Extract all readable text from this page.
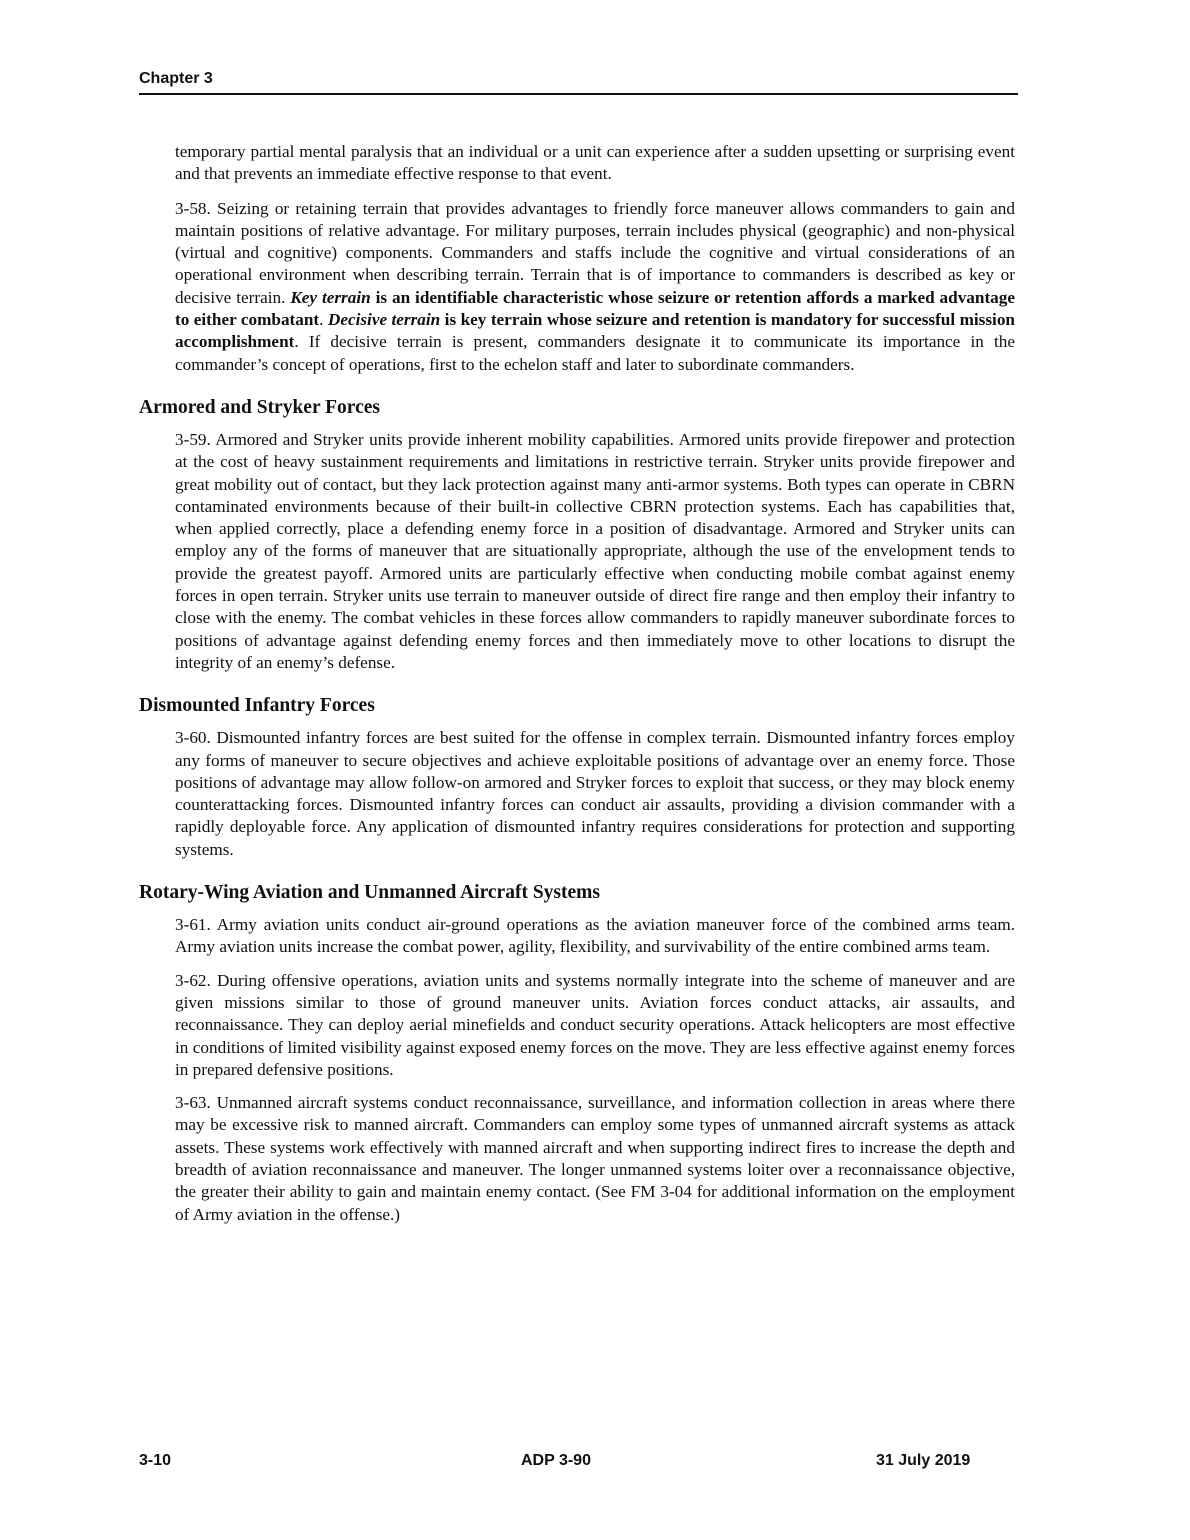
Chapter 3

temporary partial mental paralysis that an individual or a unit can experience after a sudden upsetting or surprising event and that prevents an immediate effective response to that event.

3-58. Seizing or retaining terrain that provides advantages to friendly force maneuver allows commanders to gain and maintain positions of relative advantage. For military purposes, terrain includes physical (geographic) and non-physical (virtual and cognitive) components. Commanders and staffs include the cognitive and virtual considerations of an operational environment when describing terrain. Terrain that is of importance to commanders is described as key or decisive terrain. Key terrain is an identifiable characteristic whose seizure or retention affords a marked advantage to either combatant. Decisive terrain is key terrain whose seizure and retention is mandatory for successful mission accomplishment. If decisive terrain is present, commanders designate it to communicate its importance in the commander’s concept of operations, first to the echelon staff and later to subordinate commanders.

Armored and Stryker Forces

3-59. Armored and Stryker units provide inherent mobility capabilities. Armored units provide firepower and protection at the cost of heavy sustainment requirements and limitations in restrictive terrain. Stryker units provide firepower and great mobility out of contact, but they lack protection against many anti-armor systems. Both types can operate in CBRN contaminated environments because of their built-in collective CBRN protection systems. Each has capabilities that, when applied correctly, place a defending enemy force in a position of disadvantage. Armored and Stryker units can employ any of the forms of maneuver that are situationally appropriate, although the use of the envelopment tends to provide the greatest payoff. Armored units are particularly effective when conducting mobile combat against enemy forces in open terrain. Stryker units use terrain to maneuver outside of direct fire range and then employ their infantry to close with the enemy. The combat vehicles in these forces allow commanders to rapidly maneuver subordinate forces to positions of advantage against defending enemy forces and then immediately move to other locations to disrupt the integrity of an enemy’s defense.

Dismounted Infantry Forces

3-60. Dismounted infantry forces are best suited for the offense in complex terrain. Dismounted infantry forces employ any forms of maneuver to secure objectives and achieve exploitable positions of advantage over an enemy force. Those positions of advantage may allow follow-on armored and Stryker forces to exploit that success, or they may block enemy counterattacking forces. Dismounted infantry forces can conduct air assaults, providing a division commander with a rapidly deployable force. Any application of dismounted infantry requires considerations for protection and supporting systems.

Rotary-Wing Aviation and Unmanned Aircraft Systems

3-61. Army aviation units conduct air-ground operations as the aviation maneuver force of the combined arms team. Army aviation units increase the combat power, agility, flexibility, and survivability of the entire combined arms team.

3-62. During offensive operations, aviation units and systems normally integrate into the scheme of maneuver and are given missions similar to those of ground maneuver units. Aviation forces conduct attacks, air assaults, and reconnaissance. They can deploy aerial minefields and conduct security operations. Attack helicopters are most effective in conditions of limited visibility against exposed enemy forces on the move. They are less effective against enemy forces in prepared defensive positions.

3-63. Unmanned aircraft systems conduct reconnaissance, surveillance, and information collection in areas where there may be excessive risk to manned aircraft. Commanders can employ some types of unmanned aircraft systems as attack assets. These systems work effectively with manned aircraft and when supporting indirect fires to increase the depth and breadth of aviation reconnaissance and maneuver. The longer unmanned systems loiter over a reconnaissance objective, the greater their ability to gain and maintain enemy contact. (See FM 3-04 for additional information on the employment of Army aviation in the offense.)

3-10	ADP 3-90	31 July 2019
